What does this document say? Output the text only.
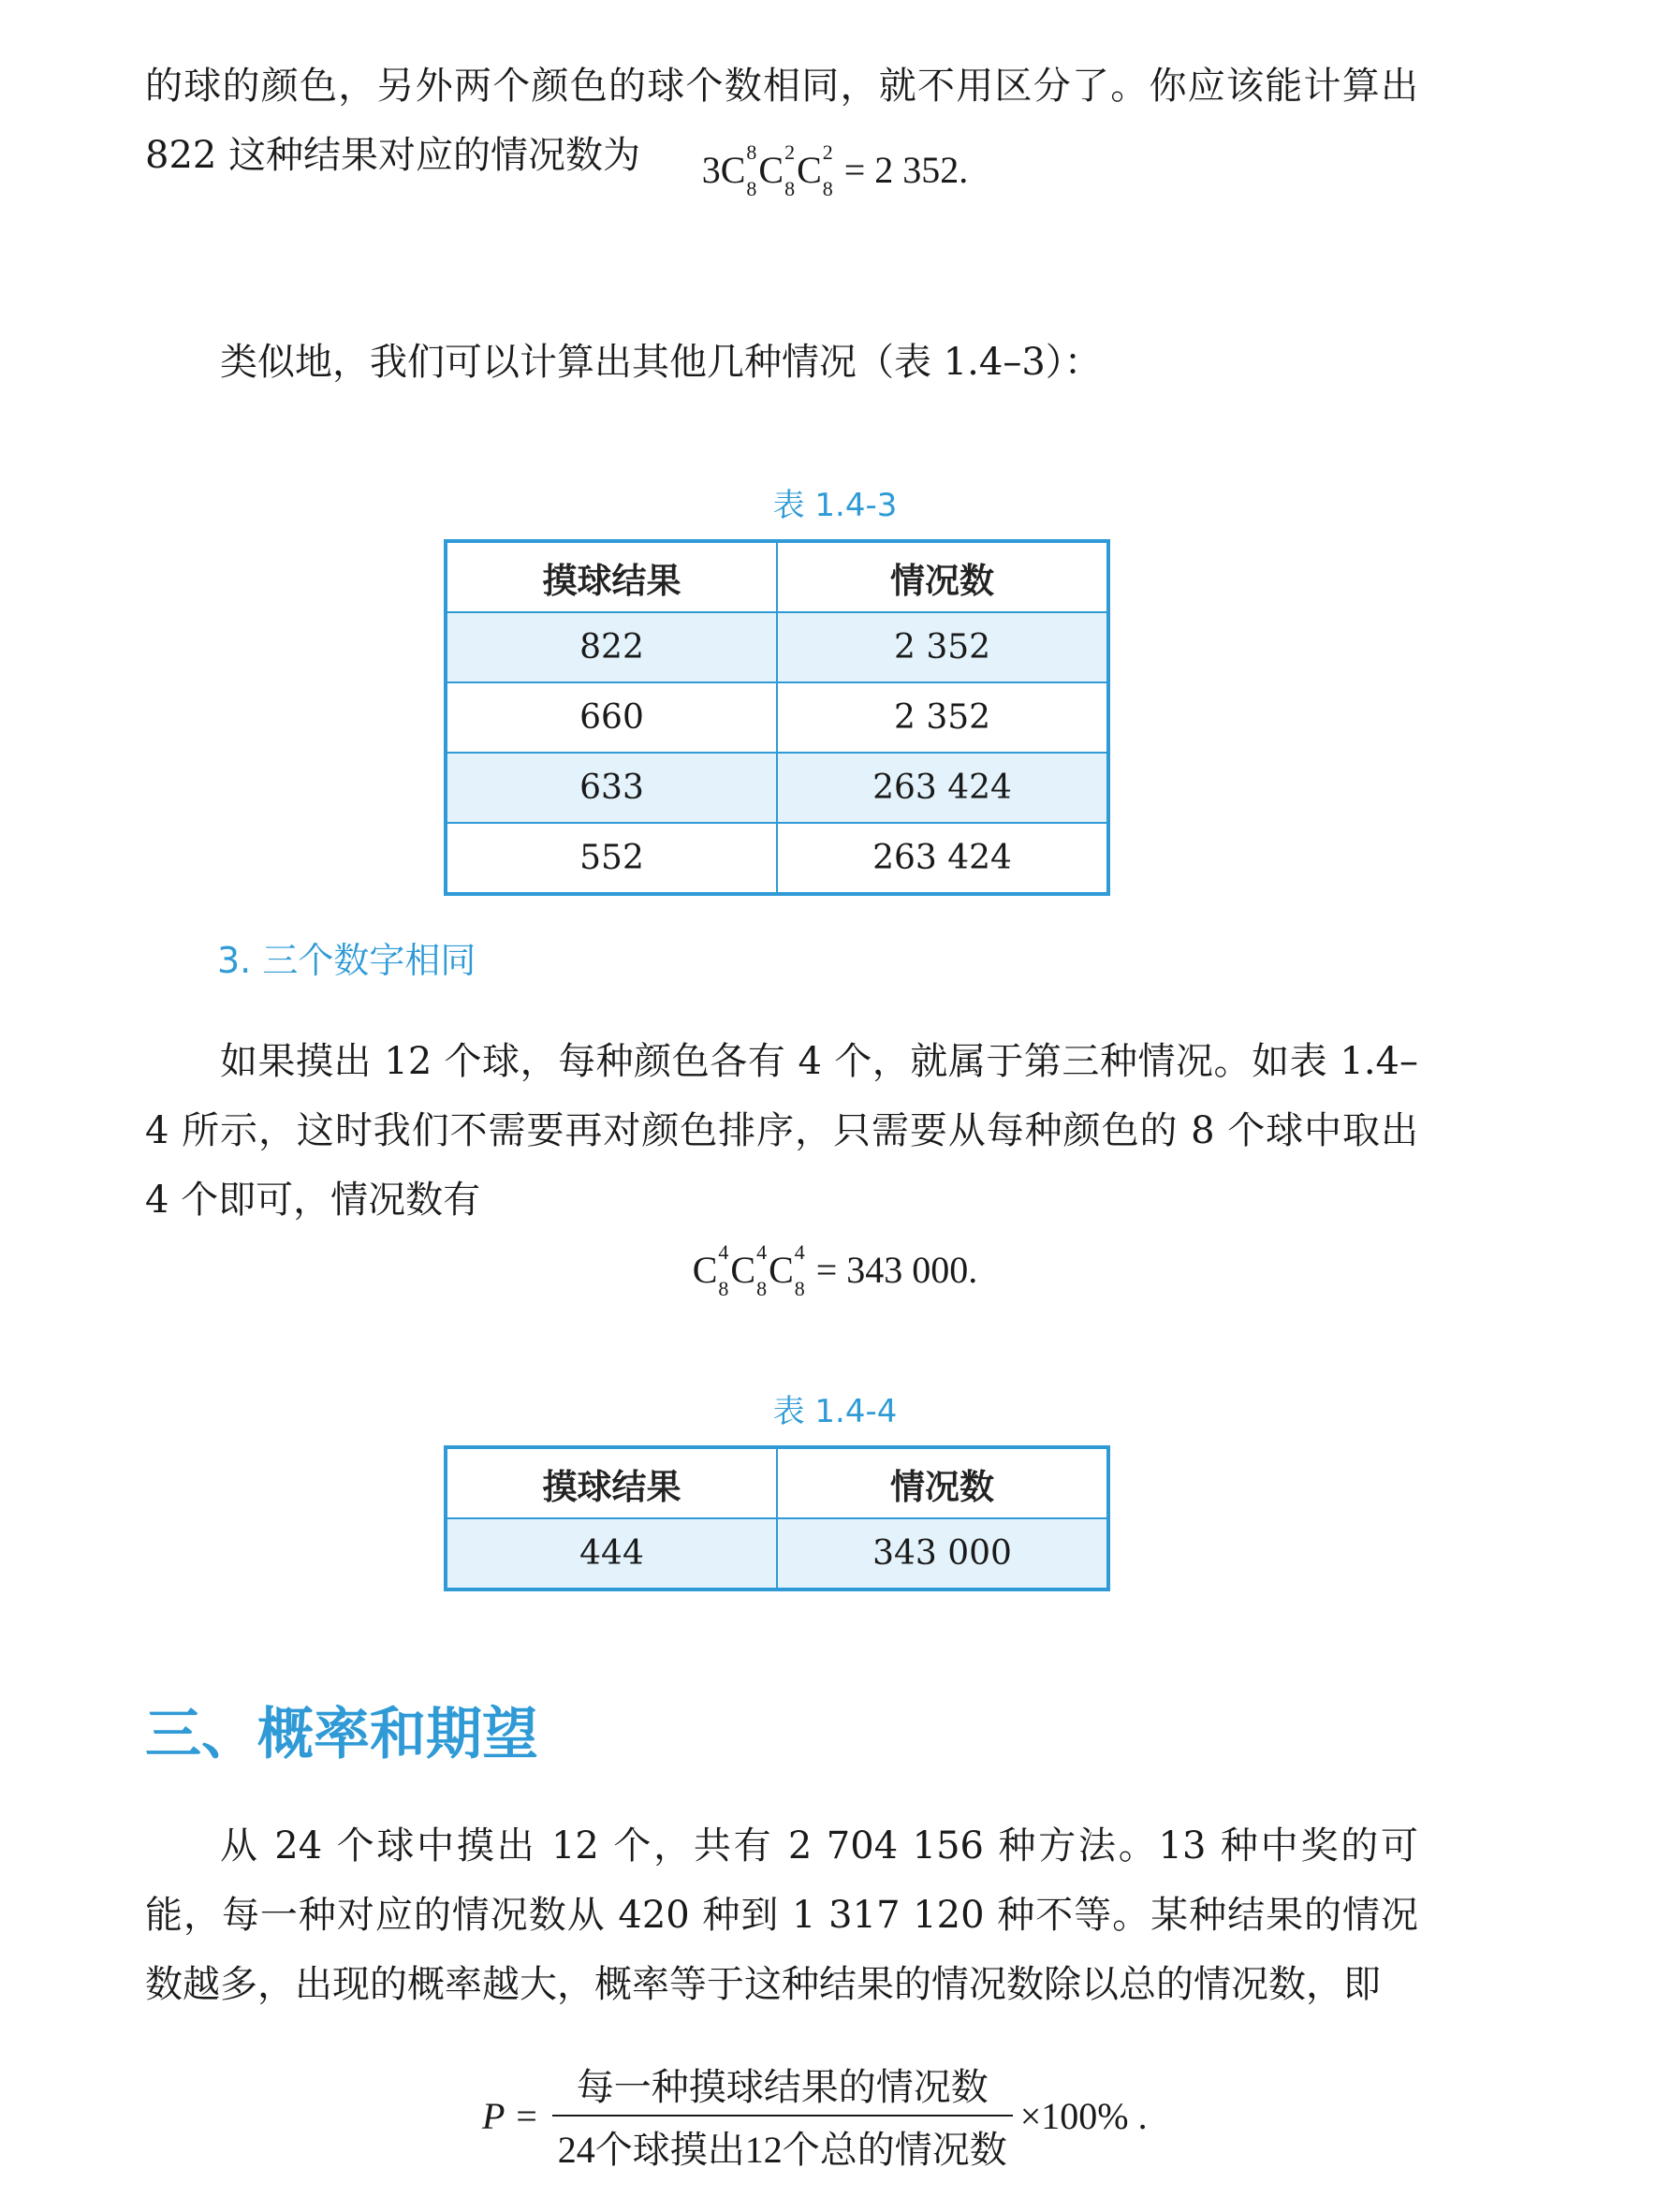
的球的颜色，另外两个颜色的球个数相同，就不用区分了。你应该能计算出 822 这种结果对应的情况数为	3C 8
8 C 2
8 C 2
8 = 2 352.

类似地，我们可以计算出其他几种情况（表 1.4–3）：

表 1.4-3
摸球结果	情况数
822	2 352
660	2 352
633	263 424
552	263 424
3. 三个数字相同

如果摸出 12 个球，每种颜色各有 4 个，就属于第三种情况。如表 1.4–4 所示，这时我们不需要再对颜色排序，只需要从每种颜色的 8 个球中取出 4 个即可，情况数有

C 4
8 C 4
8 C 4
8 = 343 000.
表 1.4-4
摸球结果	情况数
444	343 000
三、概率和期望

从 24 个球中摸出 12 个，共有 2 704 156 种方法。13 种中奖的可能，每一种对应的情况数从 420 种到 1 317 120 种不等。某种结果的情况数越多，出现的概率越大，概率等于这种结果的情况数除以总的情况数，即

$P = \frac{\text{每一种摸球结果的情况数}}{\text{24个球摸出12个总的情况数}} \times 100\%$ .
